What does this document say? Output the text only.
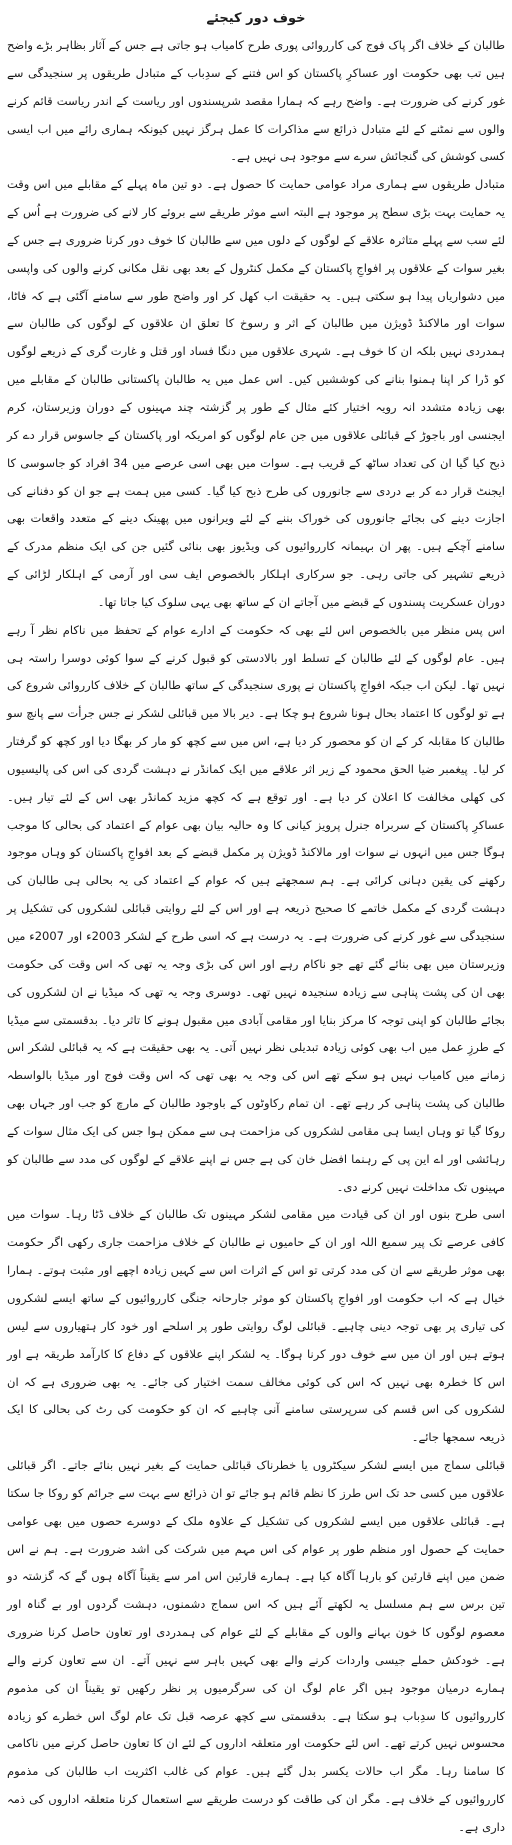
خوف دور کیجئے

طالبان کے خلاف اگر پاک فوج کی کارروائی پوری طرح کامیاب ہو جاتی ہے جس کے آثار بظاہر بڑے واضح ہیں تب بھی حکومت اور عساکرِ پاکستان کو اس فتنے کے سدِباب کے متبادل طریقوں پر سنجیدگی سے غور کرنے کی ضرورت ہے۔ واضح رہے کہ ہمارا مقصد شرپسندوں اور ریاست کے اندر ریاست قائم کرنے والوں سے نمٹنے کے لئے متبادل ذرائع سے مذاکرات کا عمل ہرگز نہیں کیونکہ ہماری رائے میں اب ایسی کسی کوشش کی گنجائش سرے سے موجود ہی نہیں ہے۔

متبادل طریقوں سے ہماری مراد عوامی حمایت کا حصول ہے۔ دو تین ماہ پہلے کے مقابلے میں اس وقت یہ حمایت بہت بڑی سطح پر موجود ہے البتہ اسے موثر طریقے سے بروئے کار لانے کی ضرورت ہے اُس کے لئے سب سے پہلے متاثرہ علاقے کے لوگوں کے دلوں میں سے طالبان کا خوف دور کرنا ضروری ہے جس کے بغیر سوات کے علاقوں پر افواجِ پاکستان کے مکمل کنٹرول کے بعد بھی نقل مکانی کرنے والوں کی واپسی میں دشواریاں پیدا ہو سکتی ہیں۔ یہ حقیقت اب کھل کر اور واضح طور سے سامنے آگئی ہے کہ فاٹا، سوات اور مالاکنڈ ڈویژن میں طالبان کے اثر و رسوخ کا تعلق ان علاقوں کے لوگوں کی طالبان سے ہمدردی نہیں بلکہ ان کا خوف ہے۔ شہری علاقوں میں دنگا فساد اور قتل و غارت گری کے ذریعے لوگوں کو ڈرا کر اپنا ہمنوا بنانے کی کوششیں کیں۔ اس عمل میں یہ طالبان پاکستانی طالبان کے مقابلے میں بھی زیادہ متشدد انہ رویہ اختیار کئے مثال کے طور پر گزشتہ چند مہینوں کے دوران وزیرستان، کرم ایجنسی اور باجوڑ کے قبائلی علاقوں میں جن عام لوگوں کو امریکہ اور پاکستان کے جاسوس قرار دے کر ذبح کیا گیا ان کی تعداد ساٹھ کے قریب ہے۔ سوات میں بھی اسی عرصے میں 34 افراد کو جاسوسی کا ایجنٹ قرار دے کر بے دردی سے جانوروں کی طرح ذبح کیا گیا۔ کسی میں ہمت ہے جو ان کو دفنانے کی اجازت دینے کی بجائے جانوروں کی خوراک بننے کے لئے ویرانوں میں پھینک دینے کے متعدد واقعات بھی سامنے آچکے ہیں۔ پھر ان بہیمانہ کارروائیوں کی ویڈیوز بھی بنائی گئیں جن کی ایک منظم مدرک کے ذریعے تشہیر کی جاتی رہی۔ جو سرکاری اہلکار بالخصوص ایف سی اور آرمی کے اہلکار لڑائی کے دوران عسکریت پسندوں کے قبضے میں آجاتے ان کے ساتھ بھی یہی سلوک کیا جاتا تھا۔

اس پس منظر میں بالخصوص اس لئے بھی کہ حکومت کے ادارے عوام کے تحفظ میں ناکام نظر آ رہے ہیں۔ عام لوگوں کے لئے طالبان کے تسلط اور بالادستی کو قبول کرنے کے سوا کوئی دوسرا راستہ ہی نہیں تھا۔ لیکن اب جبکہ افواجِ پاکستان نے پوری سنجیدگی کے ساتھ طالبان کے خلاف کارروائی شروع کی ہے تو لوگوں کا اعتماد بحال ہونا شروع ہو چکا ہے۔ دیر بالا میں قبائلی لشکر نے جس جرأت سے پانچ سو طالبان کا مقابلہ کر کے ان کو محصور کر دیا ہے، اس میں سے کچھ کو مار کر بھگا دیا اور کچھ کو گرفتار کر لیا۔ پیغمبر ضیا الحق محمود کے زیر اثر علاقے میں ایک کمانڈر نے دہشت گردی کی اس کی پالیسیوں کی کھلی مخالفت کا اعلان کر دیا ہے۔ اور توقع ہے کہ کچھ مزید کمانڈر بھی اس کے لئے تیار ہیں۔ عساکرِ پاکستان کے سربراہ جنرل پرویز کیانی کا وہ حالیہ بیان بھی عوام کے اعتماد کی بحالی کا موجب ہوگا جس میں انہوں نے سوات اور مالاکنڈ ڈویژن پر مکمل قبضے کے بعد افواجِ پاکستان کو وہاں موجود رکھنے کی یقین دہانی کرائی ہے۔ ہم سمجھتے ہیں کہ عوام کے اعتماد کی یہ بحالی ہی طالبان کی دہشت گردی کے مکمل خاتمے کا صحیح ذریعہ ہے اور اس کے لئے روایتی قبائلی لشکروں کی تشکیل پر سنجیدگی سے غور کرنے کی ضرورت ہے۔ یہ درست ہے کہ اسی طرح کے لشکر 2003ء اور 2007ء میں وزیرستان میں بھی بنائے گئے تھے جو ناکام رہے اور اس کی بڑی وجہ یہ تھی کہ اس وقت کی حکومت بھی ان کی پشت پناہی سے زیادہ سنجیدہ نہیں تھی۔ دوسری وجہ یہ تھی کہ میڈیا نے ان لشکروں کی بجائے طالبان کو اپنی توجہ کا مرکز بنایا اور مقامی آبادی میں مقبول ہونے کا تاثر دیا۔ بدقسمتی سے میڈیا کے طرزِ عمل میں اب بھی کوئی زیادہ تبدیلی نظر نہیں آتی۔ یہ بھی حقیقت ہے کہ یہ قبائلی لشکر اس زمانے میں کامیاب نہیں ہو سکے تھے اس کی وجہ یہ بھی تھی کہ اس وقت فوج اور میڈیا بالواسطہ طالبان کی پشت پناہی کر رہے تھے۔ ان تمام رکاوٹوں کے باوجود طالبان کے مارچ کو جب اور جہاں بھی روکا گیا تو وہاں ایسا ہی مقامی لشکروں کی مزاحمت ہی سے ممکن ہوا جس کی ایک مثال سوات کے رہائشی اور اے این پی کے رہنما افضل خان کی ہے جس نے اپنے علاقے کے لوگوں کی مدد سے طالبان کو مہینوں تک مداخلت نہیں کرنے دی۔

اسی طرح بنوں اور ان کی قیادت میں مقامی لشکر مہینوں تک طالبان کے خلاف ڈٹا رہا۔ سوات میں کافی عرصے تک پیر سمیع اللہ اور ان کے حامیوں نے طالبان کے خلاف مزاحمت جاری رکھی اگر حکومت بھی موثر طریقے سے ان کی مدد کرتی تو اس کے اثرات اس سے کہیں زیادہ اچھے اور مثبت ہوتے۔ ہمارا خیال ہے کہ اب حکومت اور افواجِ پاکستان کو موثر جارحانہ جنگی کارروائیوں کے ساتھ ایسے لشکروں کی تیاری پر بھی توجہ دینی چاہیے۔ قبائلی لوگ روایتی طور پر اسلحے اور خود کار ہتھیاروں سے لیس ہوتے ہیں اور ان میں سے خوف دور کرنا ہوگا۔ یہ لشکر اپنے علاقوں کے دفاع کا کارآمد طریقہ ہے اور اس کا خطرہ بھی نہیں کہ اس کی کوئی مخالف سمت اختیار کی جائے۔ یہ بھی ضروری ہے کہ ان لشکروں کی اس قسم کی سرپرستی سامنے آنی چاہیے کہ ان کو حکومت کی رٹ کی بحالی کا ایک ذریعہ سمجھا جائے۔

قبائلی سماج میں ایسے لشکر سیکٹروں یا خطرناک قبائلی حمایت کے بغیر نہیں بنائے جاتے۔ اگر قبائلی علاقوں میں کسی حد تک اس طرز کا نظم قائم ہو جائے تو ان ذرائع سے بہت سے جرائم کو روکا جا سکتا ہے۔ قبائلی علاقوں میں ایسے لشکروں کی تشکیل کے علاوہ ملک کے دوسرے حصوں میں بھی عوامی حمایت کے حصول اور منظم طور پر عوام کی اس مہم میں شرکت کی اشد ضرورت ہے۔ ہم نے اس ضمن میں اپنے قارئین کو بارہا آگاہ کیا ہے۔ ہمارے قارئین اس امر سے یقیناً آگاہ ہوں گے کہ گزشتہ دو تین برس سے ہم مسلسل یہ لکھتے آئے ہیں کہ اس سماج دشمنوں، دہشت گردوں اور بے گناہ اور معصوم لوگوں کا خون بہانے والوں کے مقابلے کے لئے عوام کی ہمدردی اور تعاون حاصل کرنا ضروری ہے۔ خودکش حملے جیسی واردات کرنے والے بھی کہیں باہر سے نہیں آتے۔ ان سے تعاون کرنے والے ہمارے درمیان موجود ہیں اگر عام لوگ ان کی سرگرمیوں پر نظر رکھیں تو یقیناً ان کی مذموم کارروائیوں کا سدِباب ہو سکتا ہے۔ بدقسمتی سے کچھ عرصہ قبل تک عام لوگ اس خطرے کو زیادہ محسوس نہیں کرتے تھے۔ اس لئے حکومت اور متعلقہ اداروں کے لئے ان کا تعاون حاصل کرنے میں ناکامی کا سامنا رہا۔ مگر اب حالات یکسر بدل گئے ہیں۔ عوام کی غالب اکثریت اب طالبان کی مذموم کارروائیوں کے خلاف ہے۔ مگر ان کی طاقت کو درست طریقے سے استعمال کرنا متعلقہ اداروں کی ذمہ داری ہے۔
